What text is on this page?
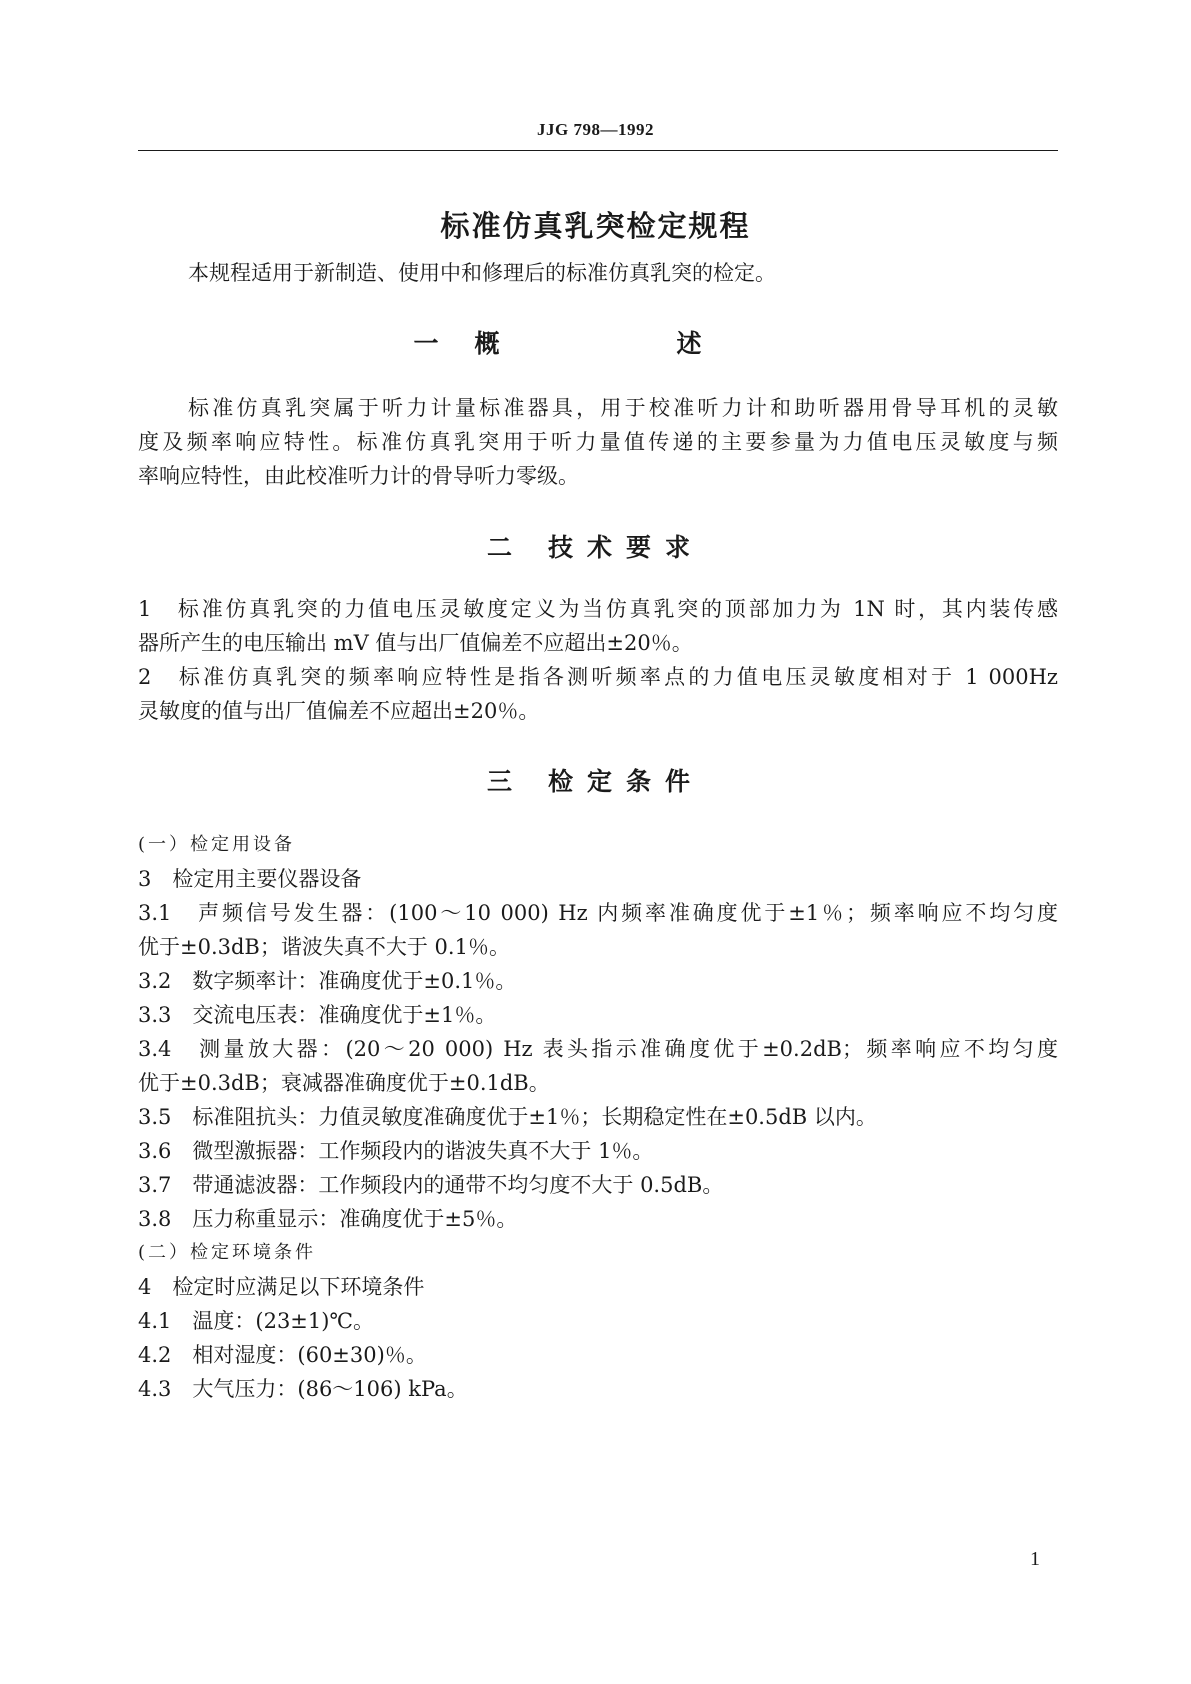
JJG 798—1992
标准仿真乳突检定规程
本规程适用于新制造、使用中和修理后的标准仿真乳突的检定。
一 概　述
标准仿真乳突属于听力计量标准器具，用于校准听力计和助听器用骨导耳机的灵敏
度及频率响应特性。标准仿真乳突用于听力量值传递的主要参量为力值电压灵敏度与频
率响应特性，由此校准听力计的骨导听力零级。
二 技术要求
1　标准仿真乳突的力值电压灵敏度定义为当仿真乳突的顶部加力为 1N 时，其内装传感
器所产生的电压输出 mV 值与出厂值偏差不应超出±20％。
2　标准仿真乳突的频率响应特性是指各测听频率点的力值电压灵敏度相对于 1 000Hz
灵敏度的值与出厂值偏差不应超出±20％。
三 检定条件
(一）检定用设备
3　检定用主要仪器设备
3.1　声频信号发生器：(100～10 000) Hz 内频率准确度优于±1％；频率响应不均匀度
优于±0.3dB；谐波失真不大于 0.1％。
3.2　数字频率计：准确度优于±0.1％。
3.3　交流电压表：准确度优于±1％。
3.4　测量放大器：(20～20 000) Hz 表头指示准确度优于±0.2dB；频率响应不均匀度
优于±0.3dB；衰减器准确度优于±0.1dB。
3.5　标准阻抗头：力值灵敏度准确度优于±1％；长期稳定性在±0.5dB 以内。
3.6　微型激振器：工作频段内的谐波失真不大于 1％。
3.7　带通滤波器：工作频段内的通带不均匀度不大于 0.5dB。
3.8　压力称重显示：准确度优于±5％。
(二）检定环境条件
4　检定时应满足以下环境条件
4.1　温度：(23±1)℃。
4.2　相对湿度：(60±30)％。
4.3　大气压力：(86～106) kPa。
1
